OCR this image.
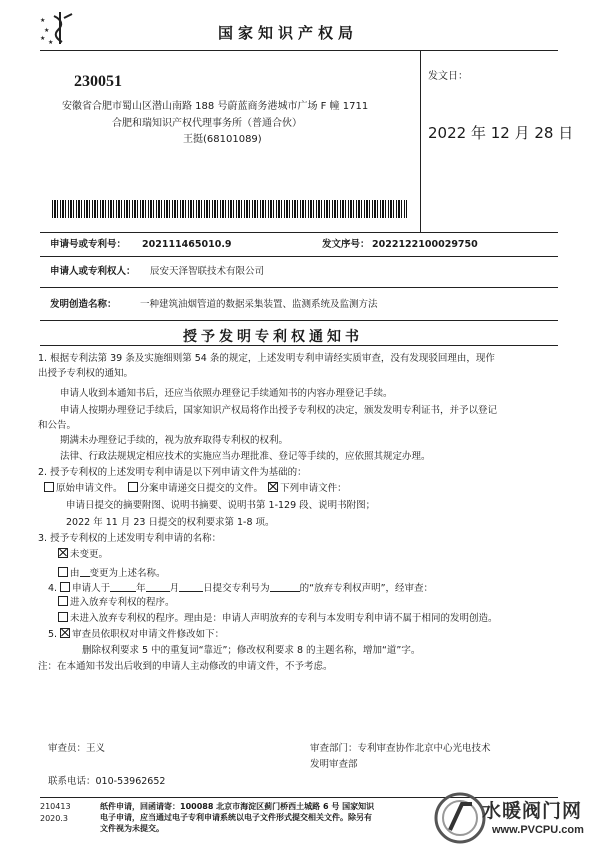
★
★
★
★
国家知识产权局
230051
安徽省合肥市蜀山区潜山南路 188 号蔚蓝商务港城市广场 F 幢 1711
合肥和瑞知识产权代理事务所（普通合伙）
王挺(68101089)
发文日：
2022 年 12 月 28 日
申请号或专利号： 202111465010.9	发文序号： 2022122100029750
申请人或专利权人： 辰安天泽智联技术有限公司
发明创造名称： 一种建筑油烟管道的数据采集装置、监测系统及监测方法
授予发明专利权通知书
1. 根据专利法第 39 条及实施细则第 54 条的规定，上述发明专利申请经实质审查，没有发现驳回理由，现作
出授予专利权的通知。
申请人收到本通知书后，还应当依照办理登记手续通知书的内容办理登记手续。
申请人按期办理登记手续后，国家知识产权局将作出授予专利权的决定，颁发发明专利证书，并予以登记
和公告。
期满未办理登记手续的，视为放弃取得专利权的权利。
法律、行政法规规定相应技术的实施应当办理批准、登记等手续的，应依照其规定办理。
2. 授予专利权的上述发明专利申请是以下列申请文件为基础的：
原始申请文件。 分案申请递交日提交的文件。 下列申请文件：
申请日提交的摘要附图、说明书摘要、说明书第 1-129 段、说明书附图；
2022 年 11 月 23 日提交的权利要求第 1-8 项。
3. 授予专利权的上述发明专利申请的名称：
未变更。
由 变更为上述名称。
4. 申请人于	年	月	日提交专利号为	的“放弃专利权声明”，经审查：
进入放弃专利权的程序。
未进入放弃专利权的程序。理由是：申请人声明放弃的专利与本发明专利申请不属于相同的发明创造。
5. 审查员依职权对申请文件修改如下：
删除权利要求 5 中的重复词“靠近”；修改权利要求 8 的主题名称，增加“道”字。
注：在本通知书发出后收到的申请人主动修改的申请文件，不予考虑。
审查员：王义	审查部门：专利审查协作北京中心光电技术
发明审查部
联系电话：010-53962652
210413
2020.3
纸件申请，回函请寄：100088 北京市海淀区蓟门桥西土城路 6 号 国家知识
电子申请，应当通过电子专利申请系统以电子文件形式提交相关文件。除另有
文件视为未提交。
水暖阀门网
www.PVCPU.com
